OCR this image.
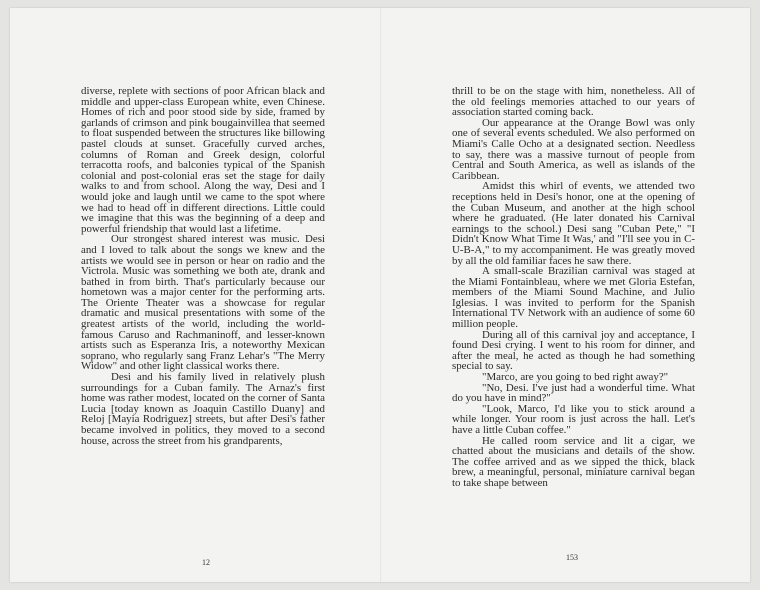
diverse, replete with sections of poor African black and middle and upper-class European white, even Chinese. Homes of rich and poor stood side by side, framed by garlands of crimson and pink bougainvillea that seemed to float suspended between the structures like billowing pastel clouds at sunset. Gracefully curved arches, columns of Roman and Greek design, colorful terracotta roofs, and balconies typical of the Spanish colonial and post-colonial eras set the stage for daily walks to and from school. Along the way, Desi and I would joke and laugh until we came to the spot where we had to head off in different directions. Little could we imagine that this was the beginning of a deep and powerful friendship that would last a lifetime.

Our strongest shared interest was music. Desi and I loved to talk about the songs we knew and the artists we would see in person or hear on radio and the Victrola. Music was something we both ate, drank and bathed in from birth. That's particularly because our hometown was a major center for the performing arts. The Oriente Theater was a showcase for regular dramatic and musical presentations with some of the greatest artists of the world, including the world-famous Caruso and Rachmaninoff, and lesser-known artists such as Esperanza Iris, a noteworthy Mexican soprano, who regularly sang Franz Lehar's "The Merry Widow" and other light classical works there.

Desi and his family lived in relatively plush surroundings for a Cuban family. The Arnaz's first home was rather modest, located on the corner of Santa Lucia [today known as Joaquin Castillo Duany] and Reloj [Mayia Rodriguez] streets, but after Desi's father became involved in politics, they moved to a second house, across the street from his grandparents,

thrill to be on the stage with him, nonetheless. All of the old feelings memories attached to our years of association started coming back.

Our appearance at the Orange Bowl was only one of several events scheduled. We also performed on Miami's Calle Ocho at a designated section. Needless to say, there was a massive turnout of people from Central and South America, as well as islands of the Caribbean.

Amidst this whirl of events, we attended two receptions held in Desi's honor, one at the opening of the Cuban Museum, and another at the high school where he graduated. (He later donated his Carnival earnings to the school.) Desi sang "Cuban Pete," "I Didn't Know What Time It Was,' and "I'll see you in C-U-B-A," to my accompaniment. He was greatly moved by all the old familiar faces he saw there.

A small-scale Brazilian carnival was staged at the Miami Fontainbleau, where we met Gloria Estefan, members of the Miami Sound Machine, and Julio Iglesias. I was invited to perform for the Spanish International TV Network with an audience of some 60 million people.

During all of this carnival joy and acceptance, I found Desi crying. I went to his room for dinner, and after the meal, he acted as though he had something special to say.

"Marco, are you going to bed right away?"

"No, Desi. I've just had a wonderful time. What do you have in mind?"

"Look, Marco, I'd like you to stick around a while longer. Your room is just across the hall. Let's have a little Cuban coffee."

He called room service and lit a cigar, we chatted about the musicians and details of the show. The coffee arrived and as we sipped the thick, black brew, a meaningful, personal, miniature carnival began to take shape between

12
153
